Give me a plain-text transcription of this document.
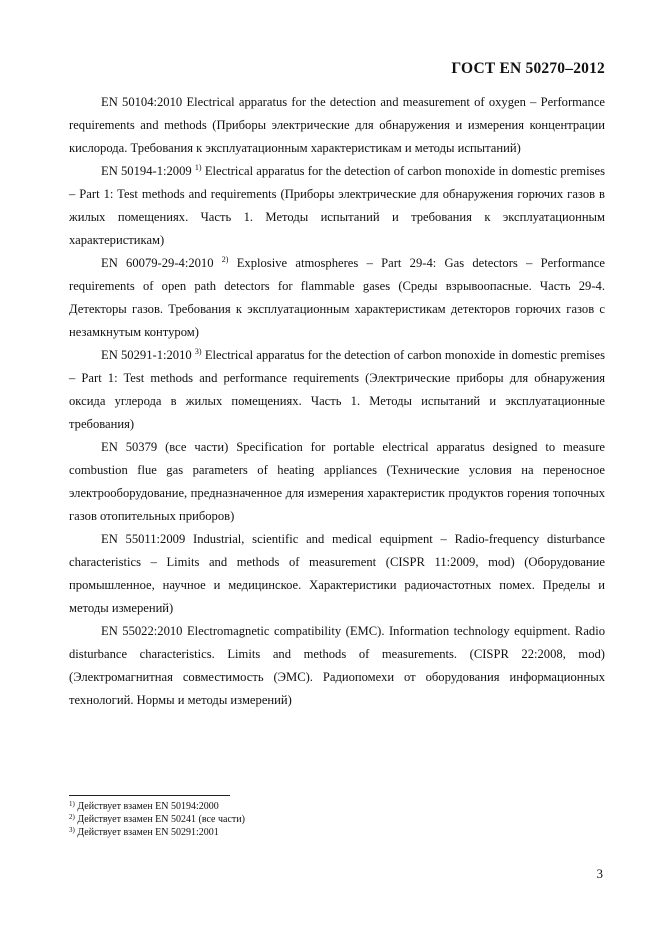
ГОСТ EN 50270–2012

EN 50104:2010 Electrical apparatus for the detection and measurement of oxygen – Performance requirements and methods (Приборы электрические для обнаружения и измерения концентрации кислорода. Требования к эксплуатационным характеристикам и методы испытаний)

EN 50194-1:2009 $^{1)}$ Electrical apparatus for the detection of carbon monoxide in domestic premises – Part 1: Test methods and requirements (Приборы электрические для обнаружения горючих газов в жилых помещениях. Часть 1. Методы испытаний и требования к эксплуатационным характеристикам)

EN 60079-29-4:2010 $^{2)}$ Explosive atmospheres – Part 29-4: Gas detectors – Performance requirements of open path detectors for flammable gases (Среды взрывоопасные. Часть 29-4. Детекторы газов. Требования к эксплуатационным характеристикам детекторов горючих газов с незамкнутым контуром)

EN 50291-1:2010 $^{3)}$ Electrical apparatus for the detection of carbon monoxide in domestic premises – Part 1: Test methods and performance requirements (Электрические приборы для обнаружения оксида углерода в жилых помещениях. Часть 1. Методы испытаний и эксплуатационные требования)

EN 50379 (все части) Specification for portable electrical apparatus designed to measure combustion flue gas parameters of heating appliances (Технические условия на переносное электрооборудование, предназначенное для измерения характеристик продуктов горения топочных газов отопительных приборов)

EN 55011:2009 Industrial, scientific and medical equipment – Radio-frequency disturbance characteristics – Limits and methods of measurement (CISPR 11:2009, mod) (Оборудование промышленное, научное и медицинское. Характеристики радиочастотных помех. Пределы и методы измерений)

EN 55022:2010 Electromagnetic compatibility (EMC). Information technology equipment. Radio disturbance characteristics. Limits and methods of measurements. (CISPR 22:2008, mod) (Электромагнитная совместимость (ЭМС). Радиопомехи от оборудования информационных технологий. Нормы и методы измерений)

$^{1)}$ Действует взамен EN 50194:2000
$^{2)}$ Действует взамен EN 50241 (все части)
$^{3)}$ Действует взамен EN 50291:2001
3
